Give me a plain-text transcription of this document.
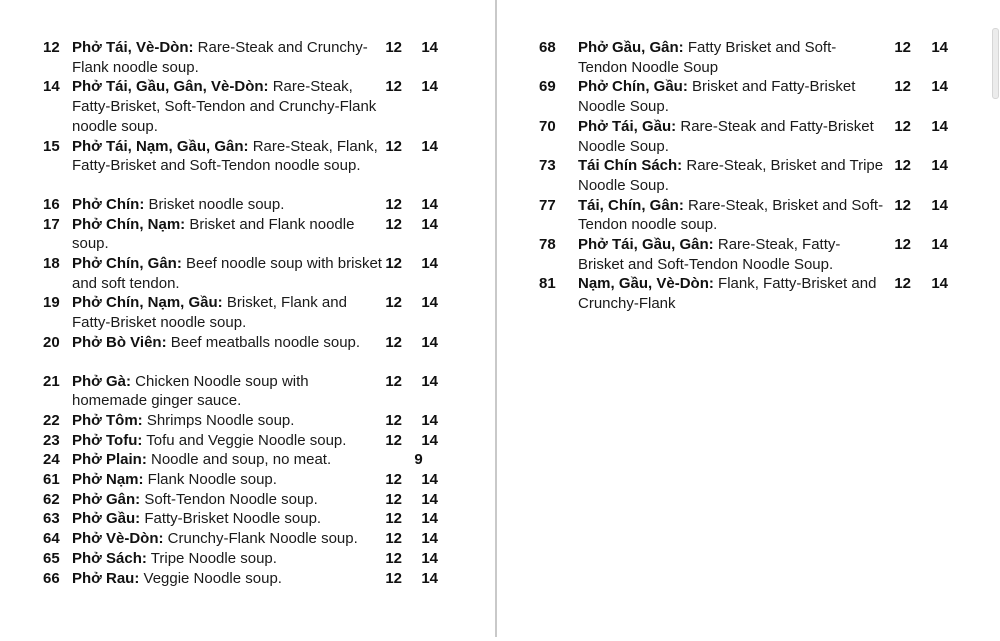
12 Phở Tái, Vè-Dòn: Rare-Steak and Crunchy-Flank noodle soup.
12	14
14 Phở Tái, Gầu, Gân, Vè-Dòn: Rare-Steak, Fatty-Brisket, Soft-Tendon and Crunchy-Flank noodle soup.
12	14
15 Phở Tái, Nạm, Gầu, Gân: Rare-Steak, Flank, Fatty-Brisket and Soft-Tendon noodle soup.
12	14
16 Phở Chín: Brisket noodle soup.	12	14
17 Phở Chín, Nạm: Brisket and Flank noodle soup.
12	14
18 Phở Chín, Gân: Beef noodle soup with brisket and soft tendon.
12	14
19 Phở Chín, Nạm, Gầu: Brisket, Flank and Fatty-Brisket noodle soup.
12	14
20 Phở Bò Viên: Beef meatballs noodle soup.	12	14
21 Phở Gà: Chicken Noodle soup with homemade ginger sauce.
12	14
22 Phở Tôm: Shrimps Noodle soup.	12	14
23 Phở Tofu: Tofu and Veggie Noodle soup.	12	14
24 Phở Plain: Noodle and soup, no meat.	9
61 Phở Nạm: Flank Noodle soup.	12	14
62 Phở Gân: Soft-Tendon Noodle soup.	12	14
63 Phở Gầu: Fatty-Brisket Noodle soup.	12	14
64 Phở Vè-Dòn: Crunchy-Flank Noodle soup.	12	14
65 Phở Sách: Tripe Noodle soup.	12	14
66 Phở Rau: Veggie Noodle soup.	12	14
68	Phở Gầu, Gân: Fatty Brisket and Soft-Tendon Noodle Soup
12	14
69	Phở Chín, Gầu: Brisket and Fatty-Brisket Noodle Soup.
12	14
70	Phở Tái, Gầu: Rare-Steak and Fatty-Brisket Noodle Soup.
12	14
73	Tái Chín Sách: Rare-Steak, Brisket and Tripe Noodle Soup.
12	14
77	Tái, Chín, Gân: Rare-Steak, Brisket and Soft-Tendon noodle soup.
12	14
78	Phở Tái, Gầu, Gân: Rare-Steak, Fatty-Brisket and Soft-Tendon Noodle Soup.
12	14
81	Nạm, Gầu, Vè-Dòn: Flank, Fatty-Brisket and Crunchy-Flank
12	14
